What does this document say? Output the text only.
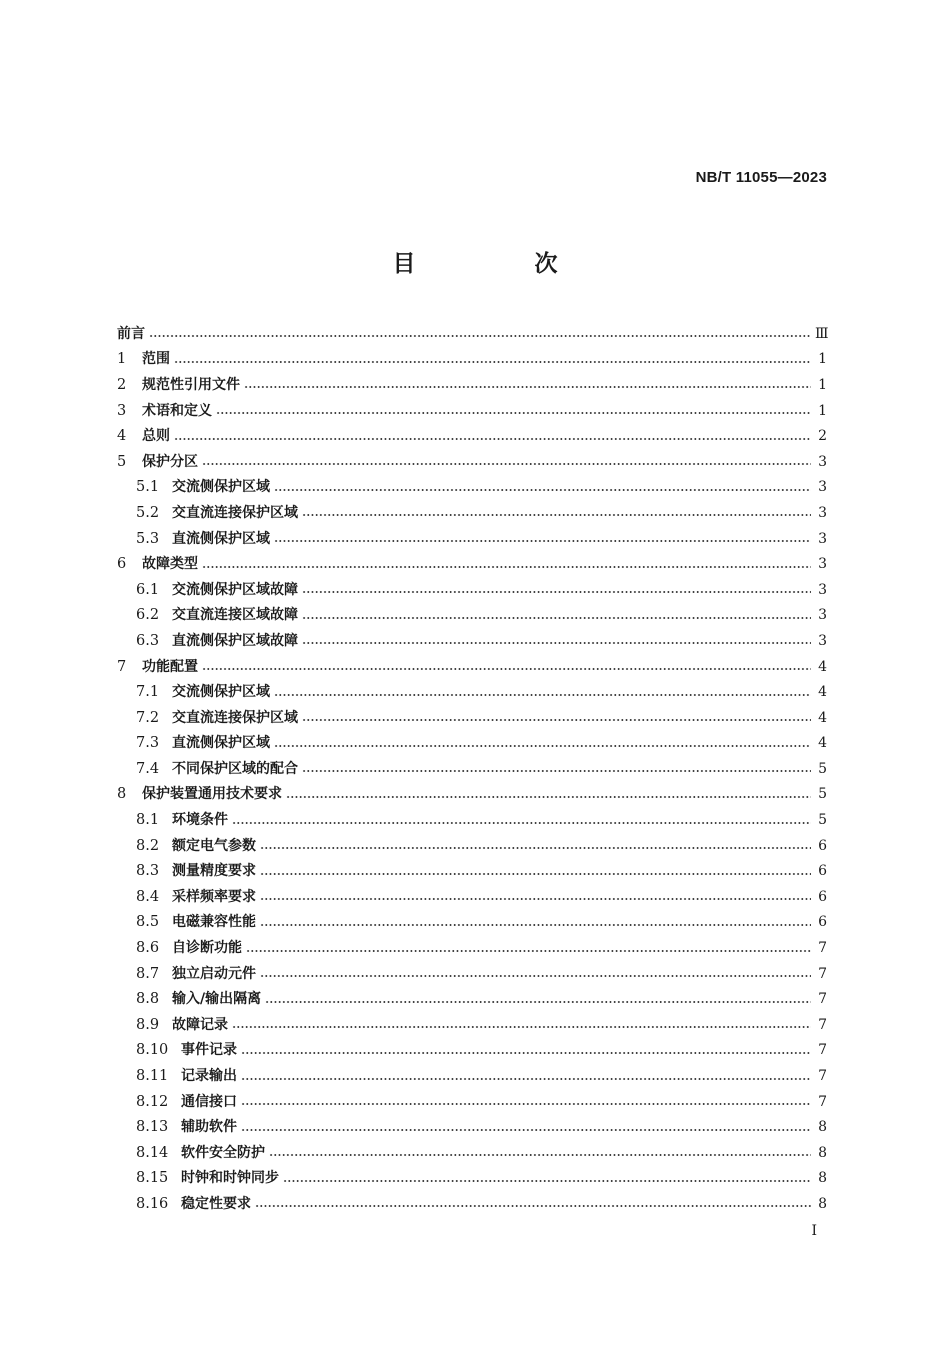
NB/T 11055—2023
目　次
前言	Ⅲ
1	范围	1
2	规范性引用文件	1
3	术语和定义	1
4	总则	2
5	保护分区	3
5.1 交流侧保护区域	3
5.2 交直流连接保护区域	3
5.3 直流侧保护区域	3
6	故障类型	3
6.1 交流侧保护区域故障	3
6.2 交直流连接区域故障	3
6.3 直流侧保护区域故障	3
7	功能配置	4
7.1 交流侧保护区域	4
7.2 交直流连接保护区域	4
7.3 直流侧保护区域	4
7.4 不同保护区域的配合	5
8	保护装置通用技术要求	5
8.1 环境条件	5
8.2 额定电气参数	6
8.3 测量精度要求	6
8.4 采样频率要求	6
8.5 电磁兼容性能	6
8.6 自诊断功能	7
8.7 独立启动元件	7
8.8 输入/输出隔离	7
8.9 故障记录	7
8.10 事件记录	7
8.11 记录输出	7
8.12 通信接口	7
8.13 辅助软件	8
8.14 软件安全防护	8
8.15 时钟和时钟同步	8
8.16 稳定性要求	8
I
